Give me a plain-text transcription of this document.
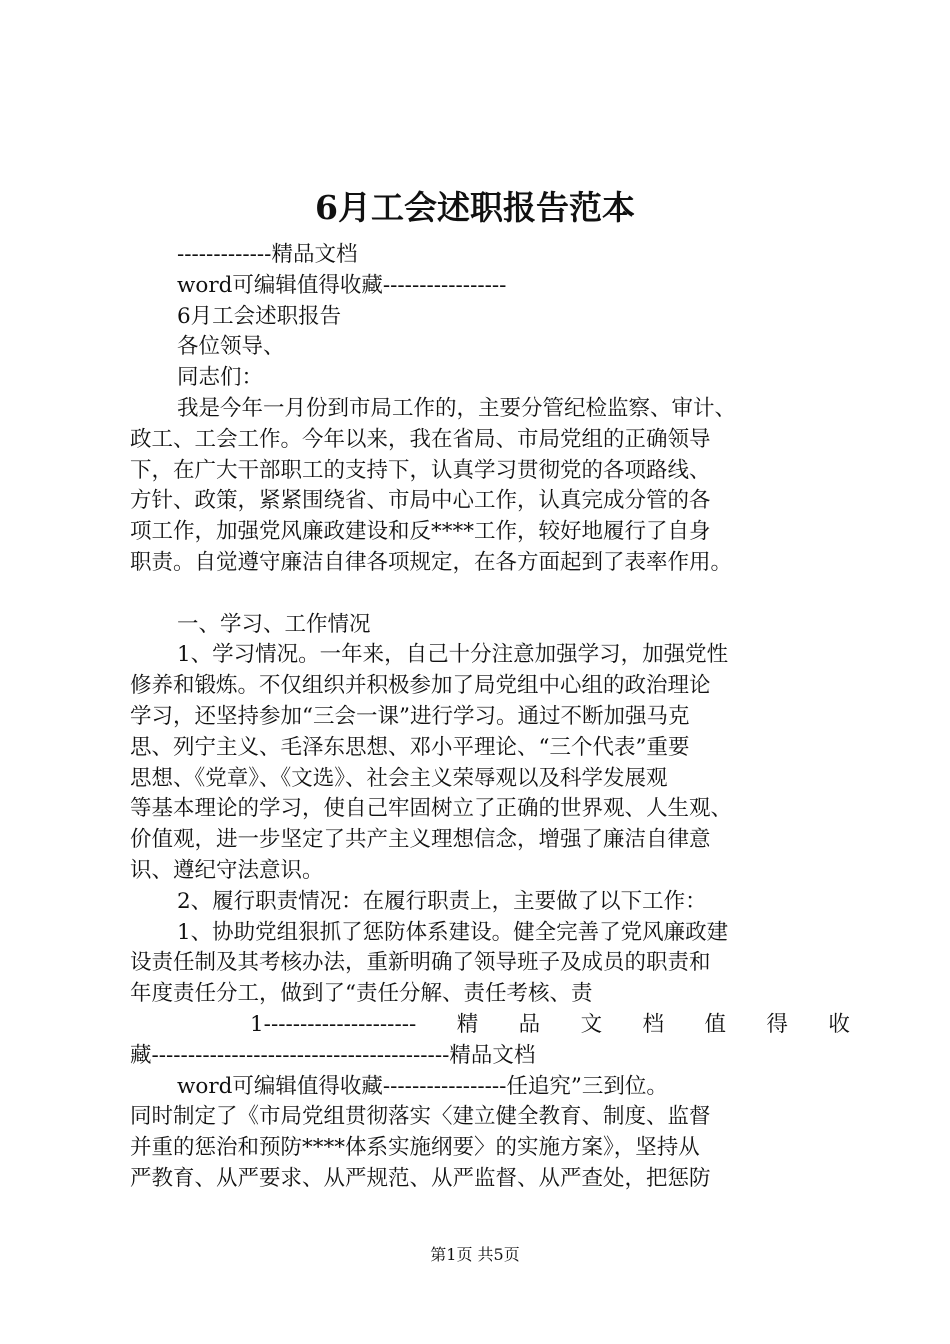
6月工会述职报告范本

-------------精品文档

word可编辑值得收藏-----------------

6月工会述职报告

各位领导、

同志们：

我是今年一月份到市局工作的，主要分管纪检监察、审计、

政工、工会工作。今年以来，我在省局、市局党组的正确领导

下，在广大干部职工的支持下，认真学习贯彻党的各项路线、

方针、政策，紧紧围绕省、市局中心工作，认真完成分管的各

项工作，加强党风廉政建设和反****工作，较好地履行了自身

职责。自觉遵守廉洁自律各项规定，在各方面起到了表率作用。

一、学习、工作情况

1、学习情况。一年来，自己十分注意加强学习，加强党性

修养和锻炼。不仅组织并积极参加了局党组中心组的政治理论

学习，还坚持参加“三会一课”进行学习。通过不断加强马克

思、列宁主义、毛泽东思想、邓小平理论、“三个代表”重要

思想、《党章》、《文选》、社会主义荣辱观以及科学发展观

等基本理论的学习，使自己牢固树立了正确的世界观、人生观、

价值观，进一步坚定了共产主义理想信念，增强了廉洁自律意

识、遵纪守法意识。

2、履行职责情况：在履行职责上，主要做了以下工作：

1、协助党组狠抓了惩防体系建设。健全完善了党风廉政建

设责任制及其考核办法，重新明确了领导班子及成员的职责和

年度责任分工，做到了“责任分解、责任考核、责

1--------------------- 精 品 文 档 值 得 收

藏-----------------------------------------精品文档

word可编辑值得收藏-----------------任追究”三到位。

同时制定了《市局党组贯彻落实〈建立健全教育、制度、监督

并重的惩治和预防****体系实施纲要〉的实施方案》，坚持从

严教育、从严要求、从严规范、从严监督、从严查处，把惩防

第1页 共5页
